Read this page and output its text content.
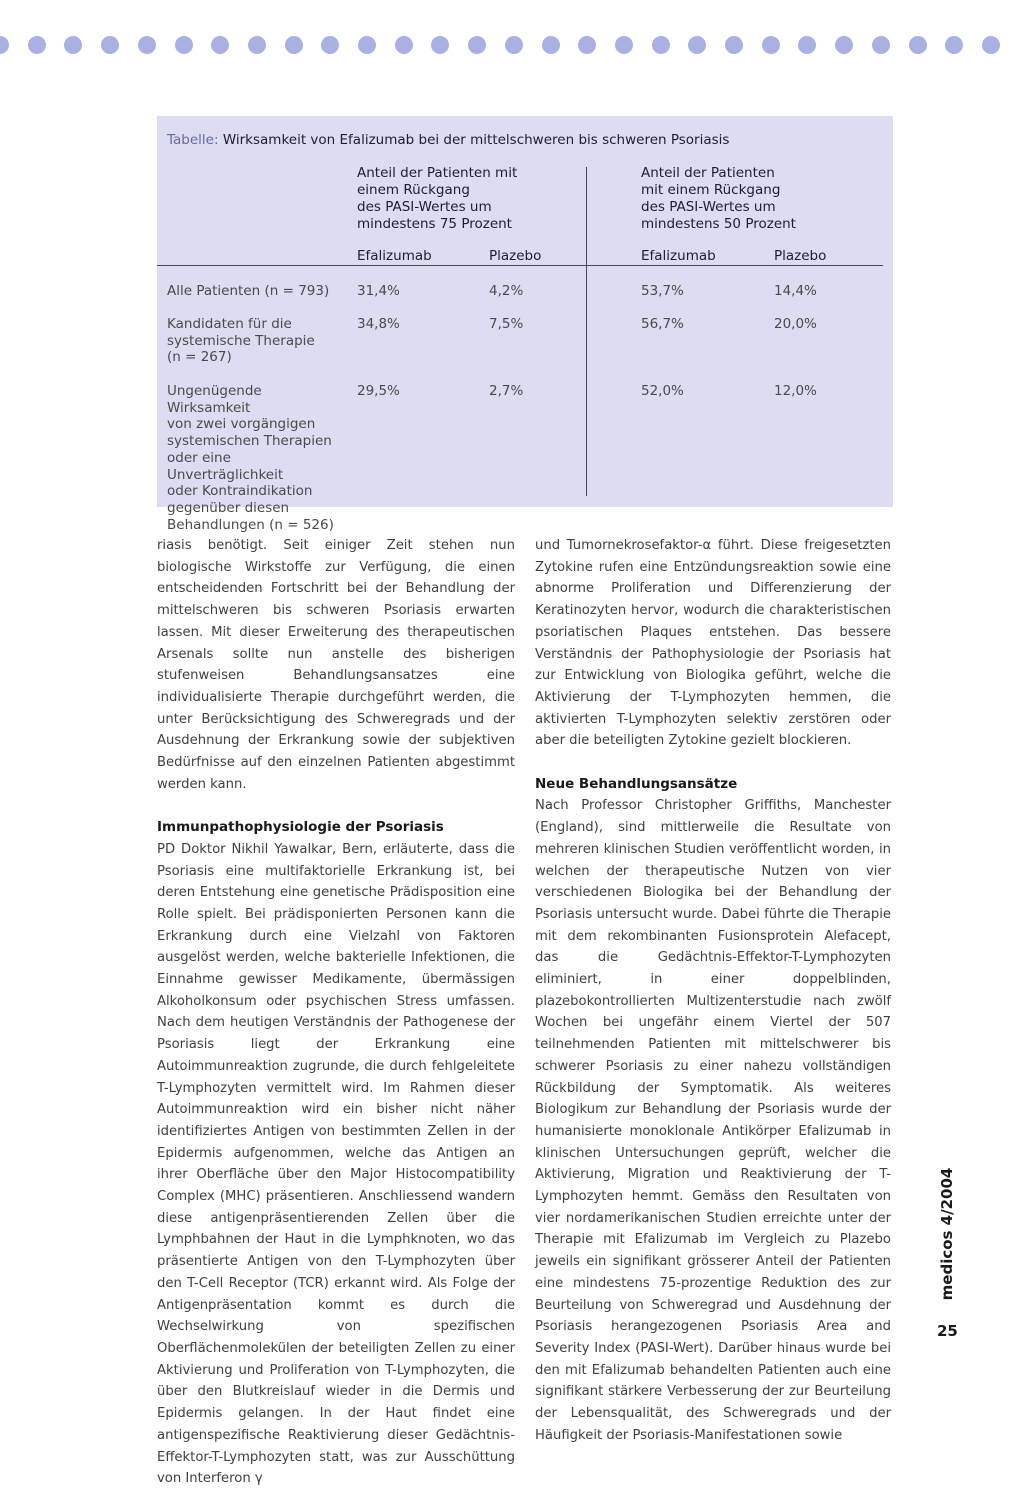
Tabelle: Wirksamkeit von Efalizumab bei der mittelschweren bis schweren Psoriasis
Anteil der Patienten mit
einem Rückgang
des PASI-Wertes um
mindestens 75 Prozent
Anteil der Patienten
mit einem Rückgang
des PASI-Wertes um
mindestens 50 Prozent
Efalizumab	Plazebo	Efalizumab	Plazebo
Alle Patienten (n = 793)	31,4%	4,2%	53,7%	14,4%
Kandidaten für die
systemische Therapie
(n = 267)
34,8%	7,5%	56,7%	20,0%
Ungenügende Wirksamkeit
von zwei vorgängigen
systemischen Therapien
oder eine Unverträglichkeit
oder Kontraindikation
gegenüber diesen
Behandlungen (n = 526)
29,5%	2,7%	52,0%	12,0%

riasis benötigt. Seit einiger Zeit stehen nun biologische Wirkstoffe zur Verfügung, die einen entscheidenden Fortschritt bei der Behandlung der mittelschweren bis schweren Psoriasis erwarten lassen. Mit dieser Erweiterung des therapeutischen Arsenals sollte nun anstelle des bisherigen stufenweisen Behandlungsansatzes eine individualisierte Therapie durchgeführt werden, die unter Berücksichtigung des Schweregrads und der Ausdehnung der Erkrankung sowie der subjektiven Bedürfnisse auf den einzelnen Patienten abgestimmt werden kann.

Immunpathophysiologie der Psoriasis

PD Doktor Nikhil Yawalkar, Bern, erläuterte, dass die Psoriasis eine multifaktorielle Erkrankung ist, bei deren Entstehung eine genetische Prädisposition eine Rolle spielt. Bei prädisponierten Personen kann die Erkrankung durch eine Vielzahl von Faktoren ausgelöst werden, welche bakterielle Infektionen, die Einnahme gewisser Medikamente, übermässigen Alkoholkonsum oder psychischen Stress umfassen. Nach dem heutigen Verständnis der Pathogenese der Psoriasis liegt der Erkrankung eine Autoimmunreaktion zugrunde, die durch fehlgeleitete T-Lymphozyten vermittelt wird. Im Rahmen dieser Autoimmunreaktion wird ein bisher nicht näher identifiziertes Antigen von bestimmten Zellen in der Epidermis aufgenommen, welche das Antigen an ihrer Oberfläche über den Major Histocompatibility Complex (MHC) präsentieren. Anschliessend wandern diese antigenpräsentierenden Zellen über die Lymphbahnen der Haut in die Lymphknoten, wo das präsentierte Antigen von den T-Lymphozyten über den T-Cell Receptor (TCR) erkannt wird. Als Folge der Antigenpräsentation kommt es durch die Wechselwirkung von spezifischen Oberflächenmolekülen der beteiligten Zellen zu einer Aktivierung und Proliferation von T-Lymphozyten, die über den Blutkreislauf wieder in die Dermis und Epidermis gelangen. In der Haut findet eine antigenspezifische Reaktivierung dieser Gedächtnis-Effektor-T-Lymphozyten statt, was zur Ausschüttung von Interferon γ

und Tumornekrosefaktor-α führt. Diese freigesetzten Zytokine rufen eine Entzündungsreaktion sowie eine abnorme Proliferation und Differenzierung der Keratinozyten hervor, wodurch die charakteristischen psoriatischen Plaques entstehen. Das bessere Verständnis der Pathophysiologie der Psoriasis hat zur Entwicklung von Biologika geführt, welche die Aktivierung der T-Lymphozyten hemmen, die aktivierten T-Lymphozyten selektiv zerstören oder aber die beteiligten Zytokine gezielt blockieren.

Neue Behandlungsansätze

Nach Professor Christopher Griffiths, Manchester (England), sind mittlerweile die Resultate von mehreren klinischen Studien veröffentlicht worden, in welchen der therapeutische Nutzen von vier verschiedenen Biologika bei der Behandlung der Psoriasis untersucht wurde. Dabei führte die Therapie mit dem rekombinanten Fusionsprotein Alefacept, das die Gedächtnis-Effektor-T-Lymphozyten eliminiert, in einer doppelblinden, plazebokontrollierten Multizenterstudie nach zwölf Wochen bei ungefähr einem Viertel der 507 teilnehmenden Patienten mit mittelschwerer bis schwerer Psoriasis zu einer nahezu vollständigen Rückbildung der Symptomatik. Als weiteres Biologikum zur Behandlung der Psoriasis wurde der humanisierte monoklonale Antikörper Efalizumab in klinischen Untersuchungen geprüft, welcher die Aktivierung, Migration und Reaktivierung der T-Lymphozyten hemmt. Gemäss den Resultaten von vier nordamerikanischen Studien erreichte unter der Therapie mit Efalizumab im Vergleich zu Plazebo jeweils ein signifikant grösserer Anteil der Patienten eine mindestens 75-prozentige Reduktion des zur Beurteilung von Schweregrad und Ausdehnung der Psoriasis herangezogenen Psoriasis Area and Severity Index (PASI-Wert). Darüber hinaus wurde bei den mit Efalizumab behandelten Patienten auch eine signifikant stärkere Verbesserung der zur Beurteilung der Lebensqualität, des Schweregrads und der Häufigkeit der Psoriasis-Manifestationen sowie

medicos 4/2004
25
